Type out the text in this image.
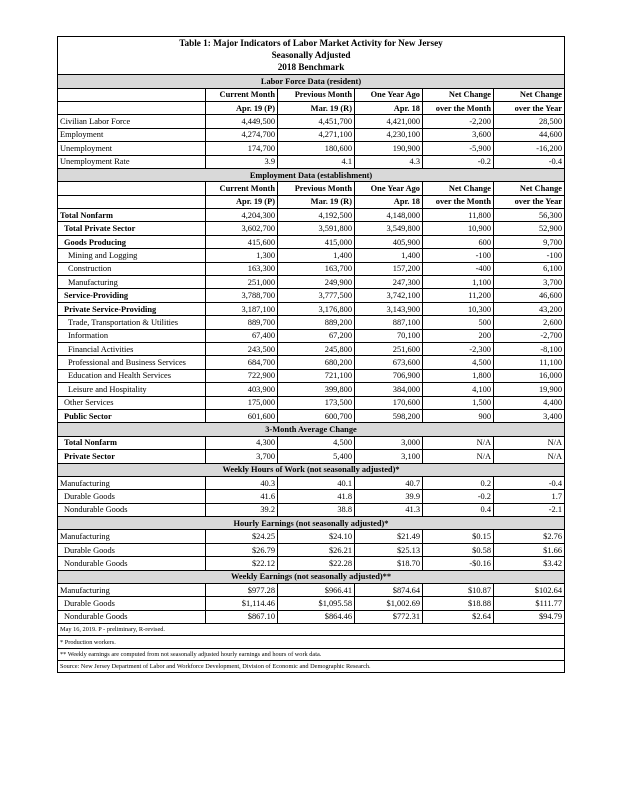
Table 1: Major Indicators of Labor Market Activity for New Jersey					
Seasonally Adjusted					
2018 Benchmark					
Labor Force Data (resident)					
	Current Month	Previous Month	One Year Ago	Net Change	Net Change
	Apr. 19 (P)	Mar. 19 (R)	Apr. 18	over the Month	over the Year
Civilian Labor Force	4,449,500	4,451,700	4,421,000	-2,200	28,500
Employment	4,274,700	4,271,100	4,230,100	3,600	44,600
Unemployment	174,700	180,600	190,900	-5,900	-16,200
Unemployment Rate	3.9	4.1	4.3	-0.2	-0.4
Employment Data (establishment)					
	Current Month	Previous Month	One Year Ago	Net Change	Net Change
	Apr. 19 (P)	Mar. 19 (R)	Apr. 18	over the Month	over the Year
Total Nonfarm	4,204,300	4,192,500	4,148,000	11,800	56,300
Total Private Sector	3,602,700	3,591,800	3,549,800	10,900	52,900
Goods Producing	415,600	415,000	405,900	600	9,700
Mining and Logging	1,300	1,400	1,400	-100	-100
Construction	163,300	163,700	157,200	-400	6,100
Manufacturing	251,000	249,900	247,300	1,100	3,700
Service-Providing	3,788,700	3,777,500	3,742,100	11,200	46,600
Private Service-Providing	3,187,100	3,176,800	3,143,900	10,300	43,200
Trade, Transportation & Utilities	889,700	889,200	887,100	500	2,600
Information	67,400	67,200	70,100	200	-2,700
Financial Activities	243,500	245,800	251,600	-2,300	-8,100
Professional and Business Services	684,700	680,200	673,600	4,500	11,100
Education and Health Services	722,900	721,100	706,900	1,800	16,000
Leisure and Hospitality	403,900	399,800	384,000	4,100	19,900
Other Services	175,000	173,500	170,600	1,500	4,400
Public Sector	601,600	600,700	598,200	900	3,400
3-Month Average Change					
Total Nonfarm	4,300	4,500	3,000	N/A	N/A
Private Sector	3,700	5,400	3,100	N/A	N/A
Weekly Hours of Work (not seasonally adjusted)*					
Manufacturing	40.3	40.1	40.7	0.2	-0.4
Durable Goods	41.6	41.8	39.9	-0.2	1.7
Nondurable Goods	39.2	38.8	41.3	0.4	-2.1
Hourly Earnings (not seasonally adjusted)*					
Manufacturing	$24.25	$24.10	$21.49	$0.15	$2.76
Durable Goods	$26.79	$26.21	$25.13	$0.58	$1.66
Nondurable Goods	$22.12	$22.28	$18.70	-$0.16	$3.42
Weekly Earnings (not seasonally adjusted)**					
Manufacturing	$977.28	$966.41	$874.64	$10.87	$102.64
Durable Goods	$1,114.46	$1,095.58	$1,002.69	$18.88	$111.77
Nondurable Goods	$867.10	$864.46	$772.31	$2.64	$94.79
May 16, 2019. P - preliminary, R-revised.					
* Production workers.					
** Weekly earnings are computed from not seasonally adjusted hourly earnings and hours of work data.					
Source: New Jersey Department of Labor and Workforce Development, Division of Economic and Demographic Research.					
